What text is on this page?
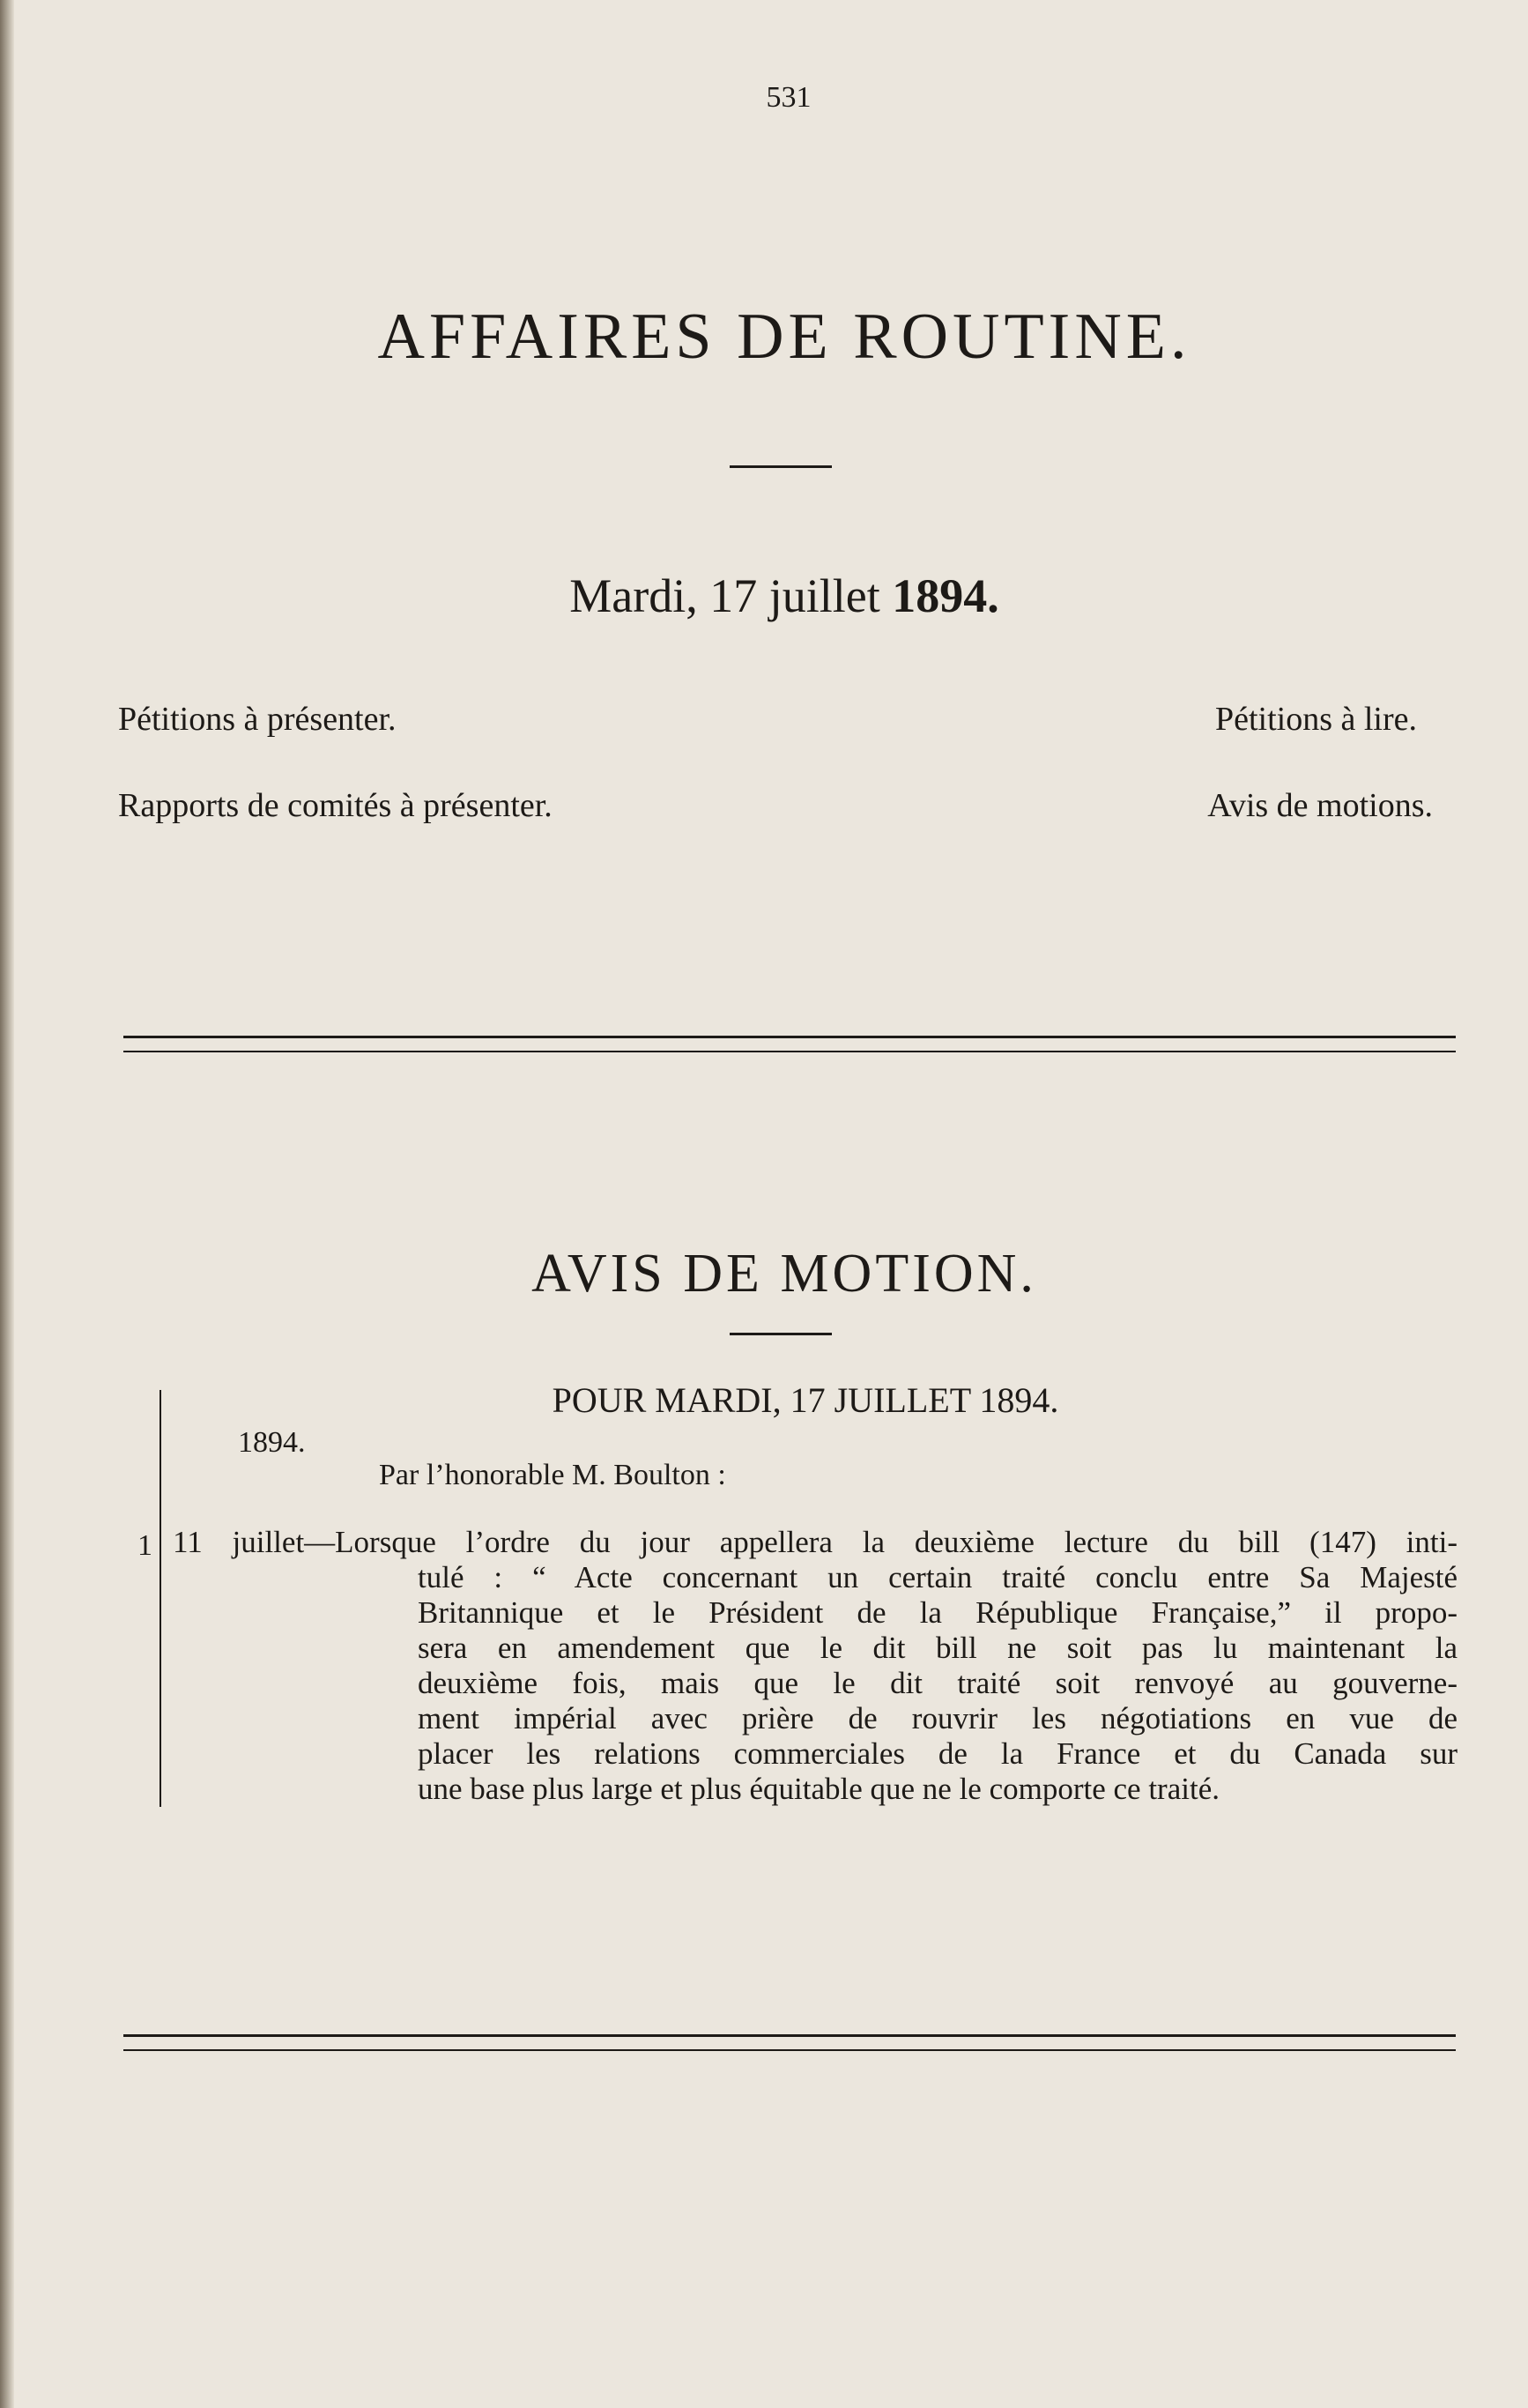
531

AFFAIRES DE ROUTINE.

Mardi, 17 juillet 1894.

Pétitions à présenter.	Pétitions à lire.

Rapports de comités à présenter.	Avis de motions.

AVIS DE MOTION.

POUR MARDI, 17 JUILLET 1894.

1894.

Par l’honorable M. Boulton :

1 11 juillet—Lorsque l’ordre du jour appellera la deuxième lecture du bill (147) inti-

tulé : “ Acte concernant un certain traité conclu entre Sa Majesté

Britannique et le Président de la République Française,” il propo-

sera en amendement que le dit bill ne soit pas lu maintenant la

deuxième fois, mais que le dit traité soit renvoyé au gouverne-

ment impérial avec prière de rouvrir les négotiations en vue de

placer les relations commerciales de la France et du Canada sur

une base plus large et plus équitable que ne le comporte ce traité.
